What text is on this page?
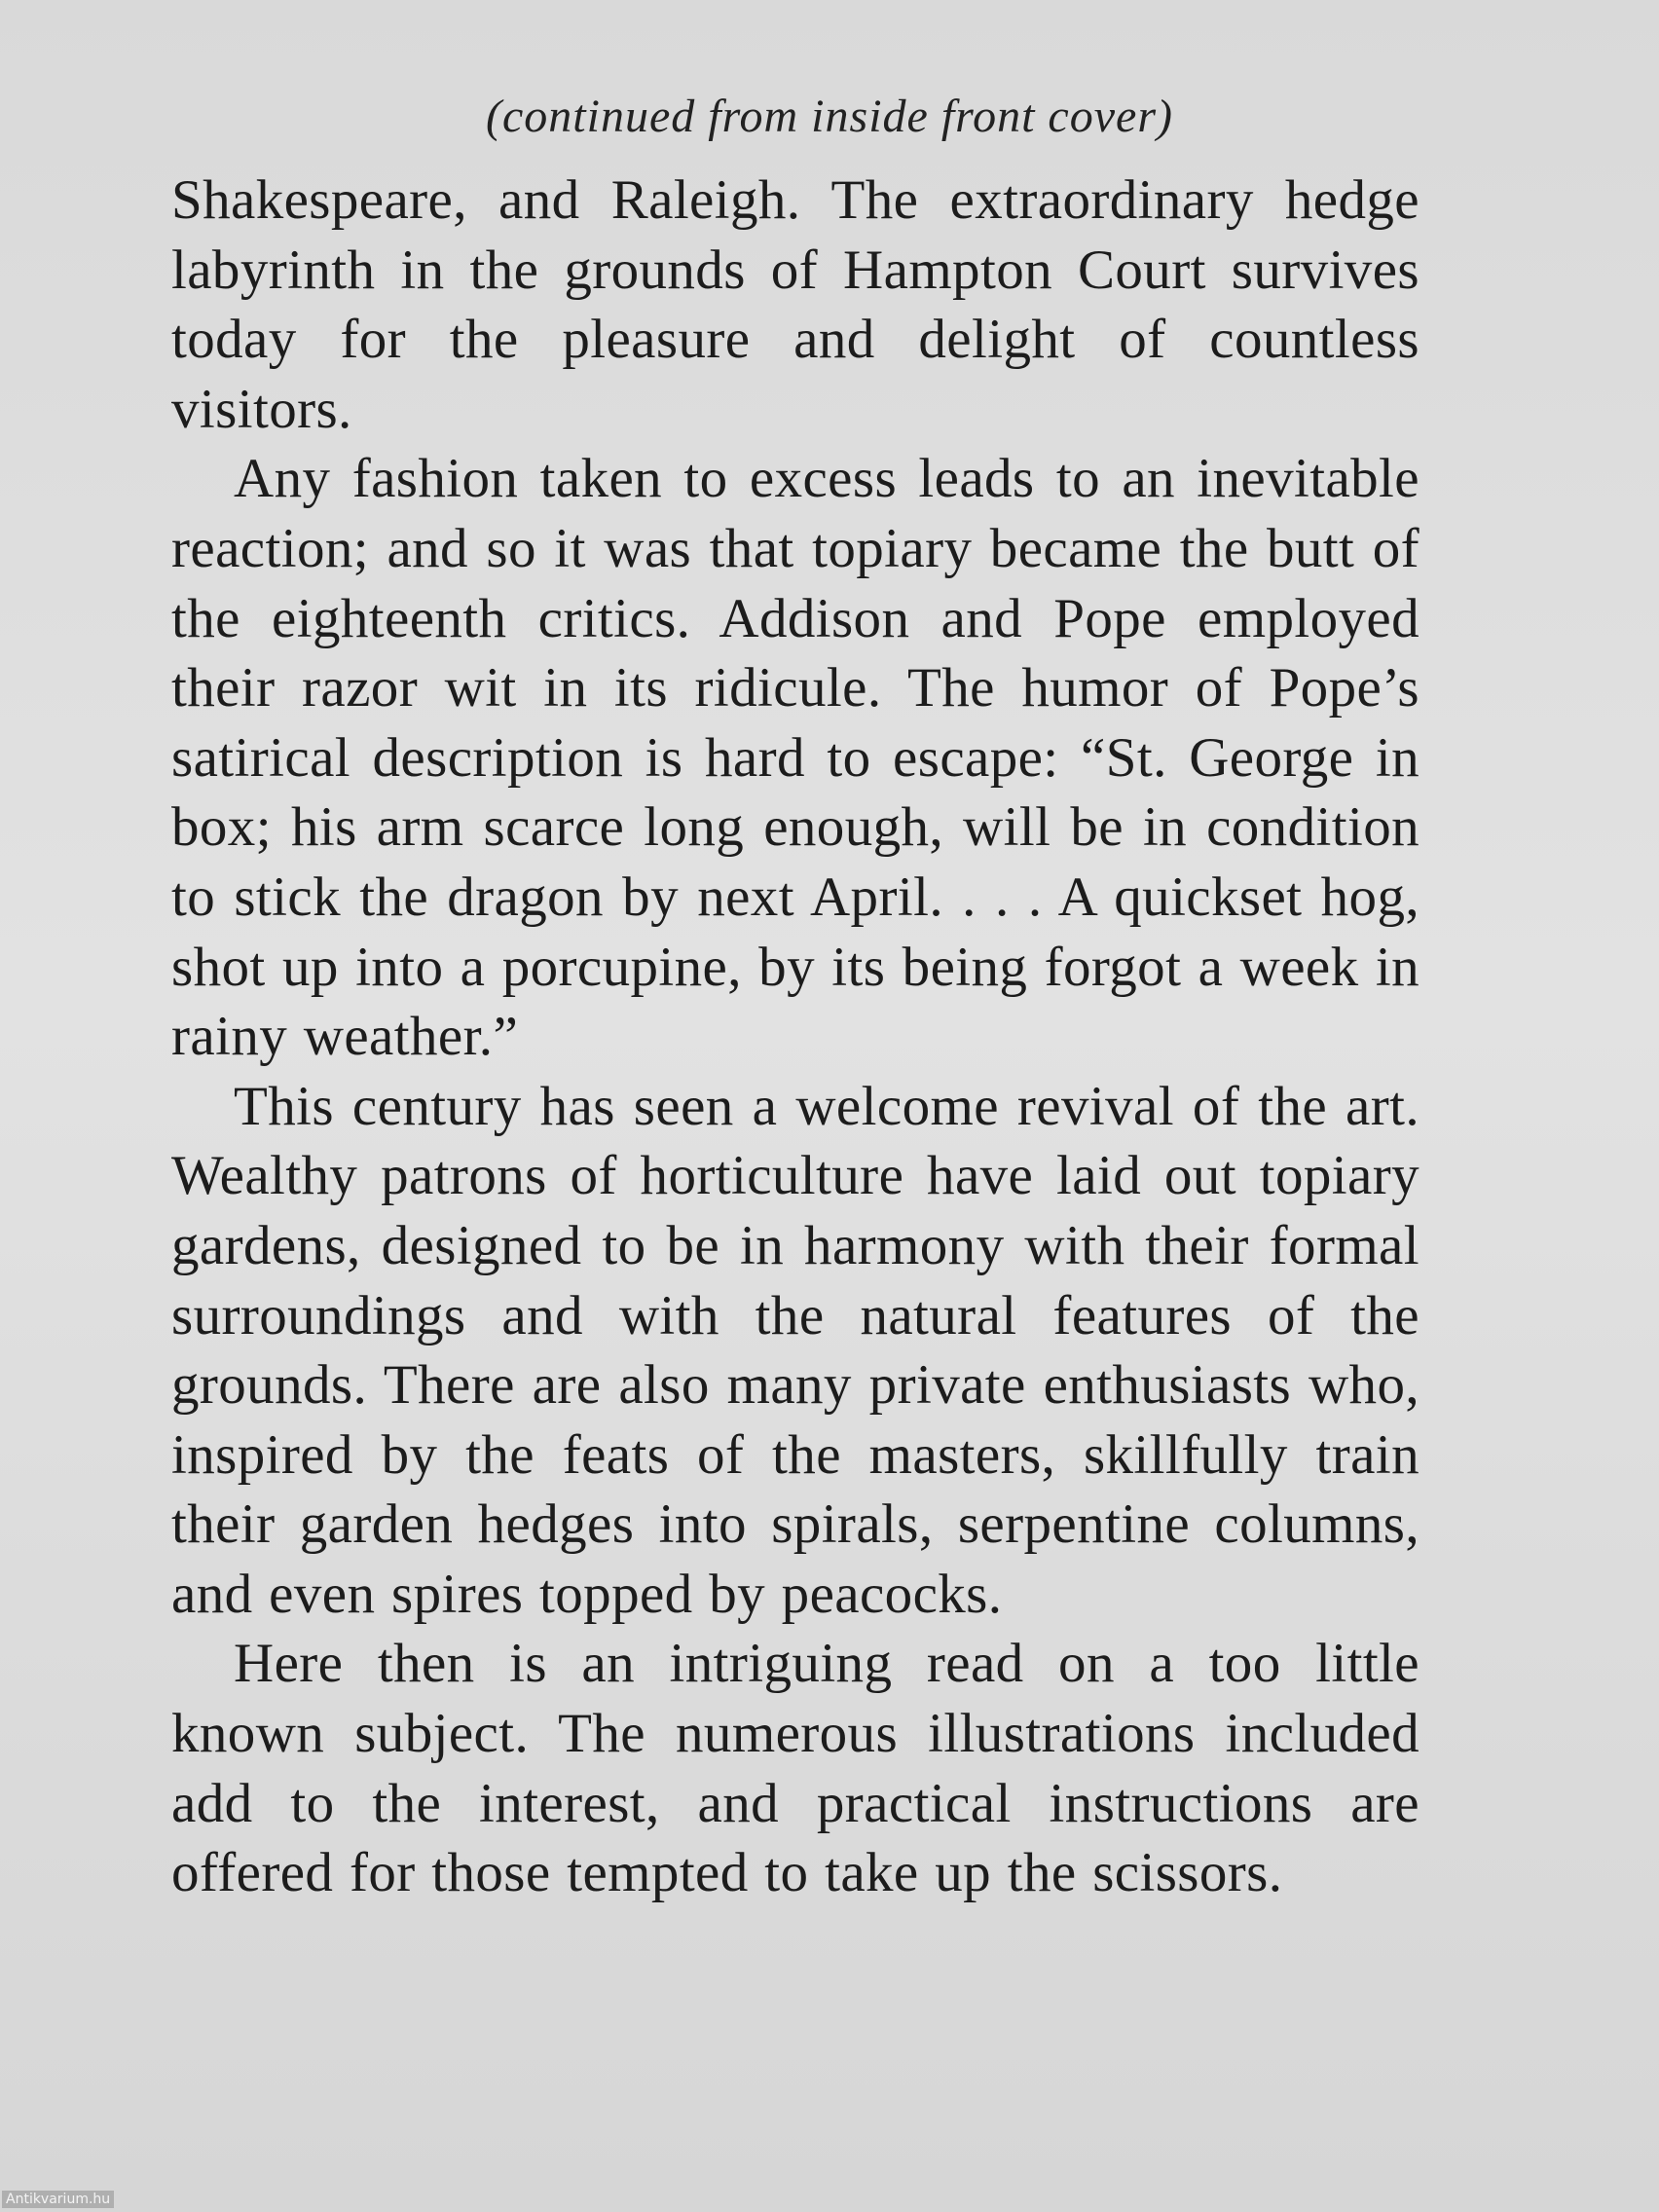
(continued from inside front cover)

Shakespeare, and Raleigh. The extraordinary hedge labyrinth in the grounds of Hampton Court survives today for the pleasure and delight of countless visitors.

Any fashion taken to excess leads to an inevitable reaction; and so it was that topiary became the butt of the eighteenth critics. Addison and Pope employed their razor wit in its ridicule. The humor of Pope’s satirical description is hard to escape: “St. George in box; his arm scarce long enough, will be in condition to stick the dragon by next April. . . . A quickset hog, shot up into a porcupine, by its being forgot a week in rainy weather.”

This century has seen a welcome revival of the art. Wealthy patrons of horticulture have laid out topiary gardens, designed to be in harmony with their formal surroundings and with the natural features of the grounds. There are also many private enthusiasts who, inspired by the feats of the masters, skillfully train their garden hedges into spirals, serpentine columns, and even spires topped by peacocks.

Here then is an intriguing read on a too little known subject. The numerous illustrations included add to the interest, and practical instructions are offered for those tempted to take up the scissors.

Antikvarium.hu
